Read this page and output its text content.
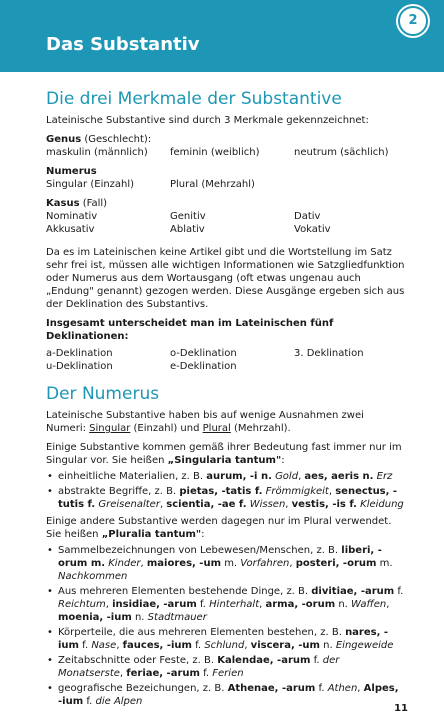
2
Das Substantiv
Die drei Merkmale der Substantive

Lateinische Substantive sind durch 3 Merkmale gekennzeichnet:

Genus (Geschlecht):
maskulin (männlich)	feminin (weiblich)	neutrum (sächlich)
Numerus
Singular (Einzahl)	Plural (Mehrzahl)
Kasus (Fall)
Nominativ	Genitiv	Dativ
Akkusativ	Ablativ	Vokativ

Da es im Lateinischen keine Artikel gibt und die Wortstellung im Satz sehr frei ist, müssen alle wichtigen Informationen wie Satzgliedfunktion oder Numerus aus dem Wortausgang (oft etwas ungenau auch „Endung" genannt) gezogen werden. Diese Ausgänge ergeben sich aus der Deklination des Substantivs.

Insgesamt unterscheidet man im Lateinischen fünf Deklinationen:

a-Deklination	o-Deklination	3. Deklination
u-Deklination	e-Deklination
Der Numerus

Lateinische Substantive haben bis auf wenige Ausnahmen zwei Numeri: Singular (Einzahl) und Plural (Mehrzahl).

Einige Substantive kommen gemäß ihrer Bedeutung fast immer nur im Singular vor. Sie heißen „Singularia tantum":

• einheitliche Materialien, z. B. aurum, -i n. Gold, aes, aeris n. Erz
• abstrakte Begriffe, z. B. pietas, -tatis f. Frömmigkeit, senectus, -tutis f. Greisenalter, scientia, -ae f. Wissen, vestis, -is f. Kleidung

Einige andere Substantive werden dagegen nur im Plural verwendet. Sie heißen „Pluralia tantum":

• Sammelbezeichnungen von Lebewesen/Menschen, z. B. liberi, -orum m. Kinder, maiores, -um m. Vorfahren, posteri, -orum m. Nachkommen
• Aus mehreren Elementen bestehende Dinge, z. B. divitiae, -arum f. Reichtum, insidiae, -arum f. Hinterhalt, arma, -orum n. Waffen, moenia, -ium n. Stadtmauer
• Körperteile, die aus mehreren Elementen bestehen, z. B. nares, -ium f. Nase, fauces, -ium f. Schlund, viscera, -um n. Eingeweide
• Zeitabschnitte oder Feste, z. B. Kalendae, -arum f. der Monatserste, feriae, -arum f. Ferien
• geografische Bezeichungen, z. B. Athenae, -arum f. Athen, Alpes, -ium f. die Alpen
11
